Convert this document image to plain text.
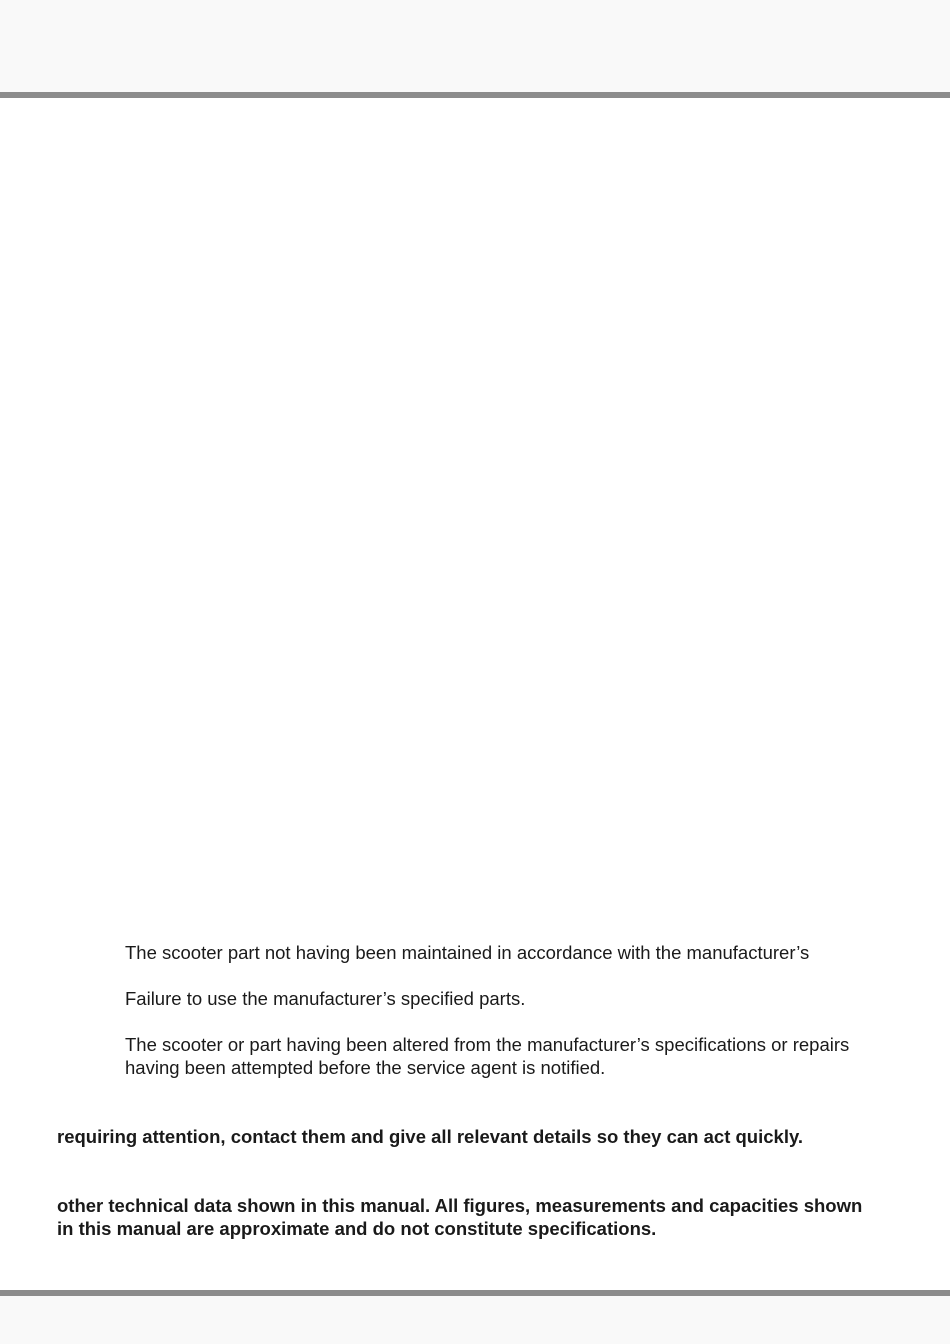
The scooter part not having been maintained in accordance with the manufacturer’s

Failure to use the manufacturer’s specified parts.

The scooter or part having been altered from the manufacturer’s specifications or repairs
having been attempted before the service agent is notified.

requiring attention, contact them and give all relevant details so they can act quickly.

other technical data shown in this manual. All figures, measurements and capacities shown
in this manual are approximate and do not constitute specifications.
